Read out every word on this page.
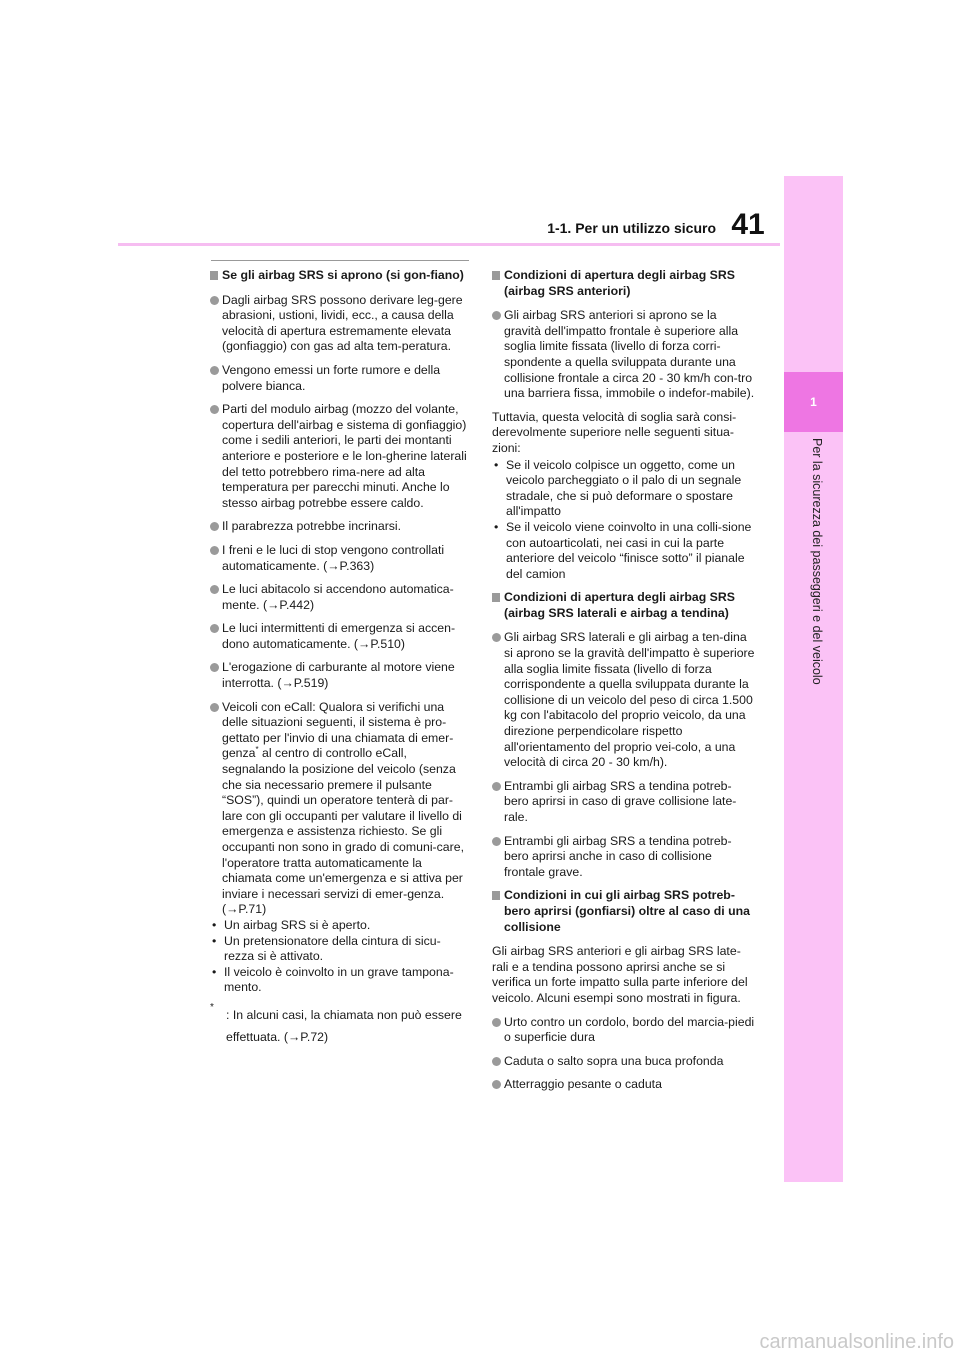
1
Per la sicurezza dei passeggeri e del veicolo
1-1. Per un utilizzo sicuro 41
Se gli airbag SRS si aprono (si gon-fiano)
Dagli airbag SRS possono derivare leg-gere abrasioni, ustioni, lividi, ecc., a causa della velocità di apertura estremamente elevata (gonfiaggio) con gas ad alta tem-peratura.
Vengono emessi un forte rumore e della polvere bianca.
Parti del modulo airbag (mozzo del volante, copertura dell'airbag e sistema di gonfiaggio) come i sedili anteriori, le parti dei montanti anteriore e posteriore e le lon-gherine laterali del tetto potrebbero rima-nere ad alta temperatura per parecchi minuti. Anche lo stesso airbag potrebbe essere caldo.
Il parabrezza potrebbe incrinarsi.
I freni e le luci di stop vengono controllati automaticamente. (→P.363)
Le luci abitacolo si accendono automatica-mente. (→P.442)
Le luci intermittenti di emergenza si accen-dono automaticamente. (→P.510)
L'erogazione di carburante al motore viene interrotta. (→P.519)
Veicoli con eCall: Qualora si verifichi una delle situazioni seguenti, il sistema è pro-gettato per l'invio di una chiamata di emer-genza* al centro di controllo eCall, segnalando la posizione del veicolo (senza che sia necessario premere il pulsante “SOS”), quindi un operatore tenterà di par-lare con gli occupanti per valutare il livello di emergenza e assistenza richiesto. Se gli occupanti non sono in grado di comuni-care, l'operatore tratta automaticamente la chiamata come un'emergenza e si attiva per inviare i necessari servizi di emer-genza. (→P.71)
• Un airbag SRS si è aperto.
• Un pretensionatore della cintura di sicu-rezza si è attivato.
• Il veicolo è coinvolto in un grave tampona-mento.
*
: In alcuni casi, la chiamata non può essere effettuata. (→P.72)
Condizioni di apertura degli airbag SRS (airbag SRS anteriori)
Gli airbag SRS anteriori si aprono se la gravità dell'impatto frontale è superiore alla soglia limite fissata (livello di forza corri-spondente a quella sviluppata durante una collisione frontale a circa 20 - 30 km/h con-tro una barriera fissa, immobile o indefor-mabile).
Tuttavia, questa velocità di soglia sarà consi-derevolmente superiore nelle seguenti situa-zioni:
• Se il veicolo colpisce un oggetto, come un veicolo parcheggiato o il palo di un segnale stradale, che si può deformare o spostare all'impatto
• Se il veicolo viene coinvolto in una colli-sione con autoarticolati, nei casi in cui la parte anteriore del veicolo “finisce sotto” il pianale del camion
Condizioni di apertura degli airbag SRS (airbag SRS laterali e airbag a tendina)
Gli airbag SRS laterali e gli airbag a ten-dina si aprono se la gravità dell'impatto è superiore alla soglia limite fissata (livello di forza corrispondente a quella sviluppata durante la collisione di un veicolo del peso di circa 1.500 kg con l'abitacolo del proprio veicolo, da una direzione perpendicolare rispetto all'orientamento del proprio vei-colo, a una velocità di circa 20 - 30 km/h).
Entrambi gli airbag SRS a tendina potreb-bero aprirsi in caso di grave collisione late-rale.
Entrambi gli airbag SRS a tendina potreb-bero aprirsi anche in caso di collisione frontale grave.
Condizioni in cui gli airbag SRS potreb-bero aprirsi (gonfiarsi) oltre al caso di una collisione
Gli airbag SRS anteriori e gli airbag SRS late-rali e a tendina possono aprirsi anche se si verifica un forte impatto sulla parte inferiore del veicolo. Alcuni esempi sono mostrati in figura.
Urto contro un cordolo, bordo del marcia-piedi o superficie dura
Caduta o salto sopra una buca profonda
Atterraggio pesante o caduta
carmanualsonline.info
